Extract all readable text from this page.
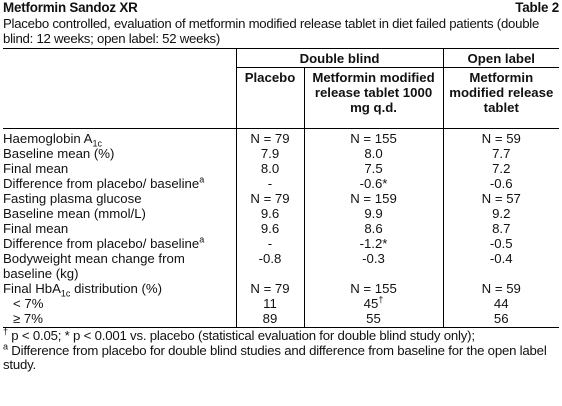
Metformin Sandoz XR	Table 2
Placebo controlled, evaluation of metformin modified release tablet in diet failed patients (double blind: 12 weeks; open label: 52 weeks)
	Double blind		Open label
	Placebo	Metformin modified release tablet 1000 mg q.d.	Metformin modified release tablet
Haemoglobin $A_{1c}$	N = 79	N = 155	N = 59
Baseline mean (%)	7.9	8.0	7.7
Final mean	8.0	7.5	7.2
Difference from placebo/ baseline$^a$	-	-0.6*	-0.6
Fasting plasma glucose	N = 79	N = 159	N = 57
Baseline mean (mmol/L)	9.6	9.9	9.2
Final mean	9.6	8.6	8.7
Difference from placebo/ baseline$^a$	-	-1.2*	-0.5
Bodyweight mean change from	-0.8	-0.3	-0.4
baseline (kg)			
Final HbA$_{1c}$ distribution (%)	N = 79	N = 155	N = 59
< 7%	11	45†	44
≥ 7%	89	55	56
† p < 0.05; * p < 0.001 vs. placebo (statistical evaluation for double blind study only);
$^a$ Difference from placebo for double blind studies and difference from baseline for the open label study.
